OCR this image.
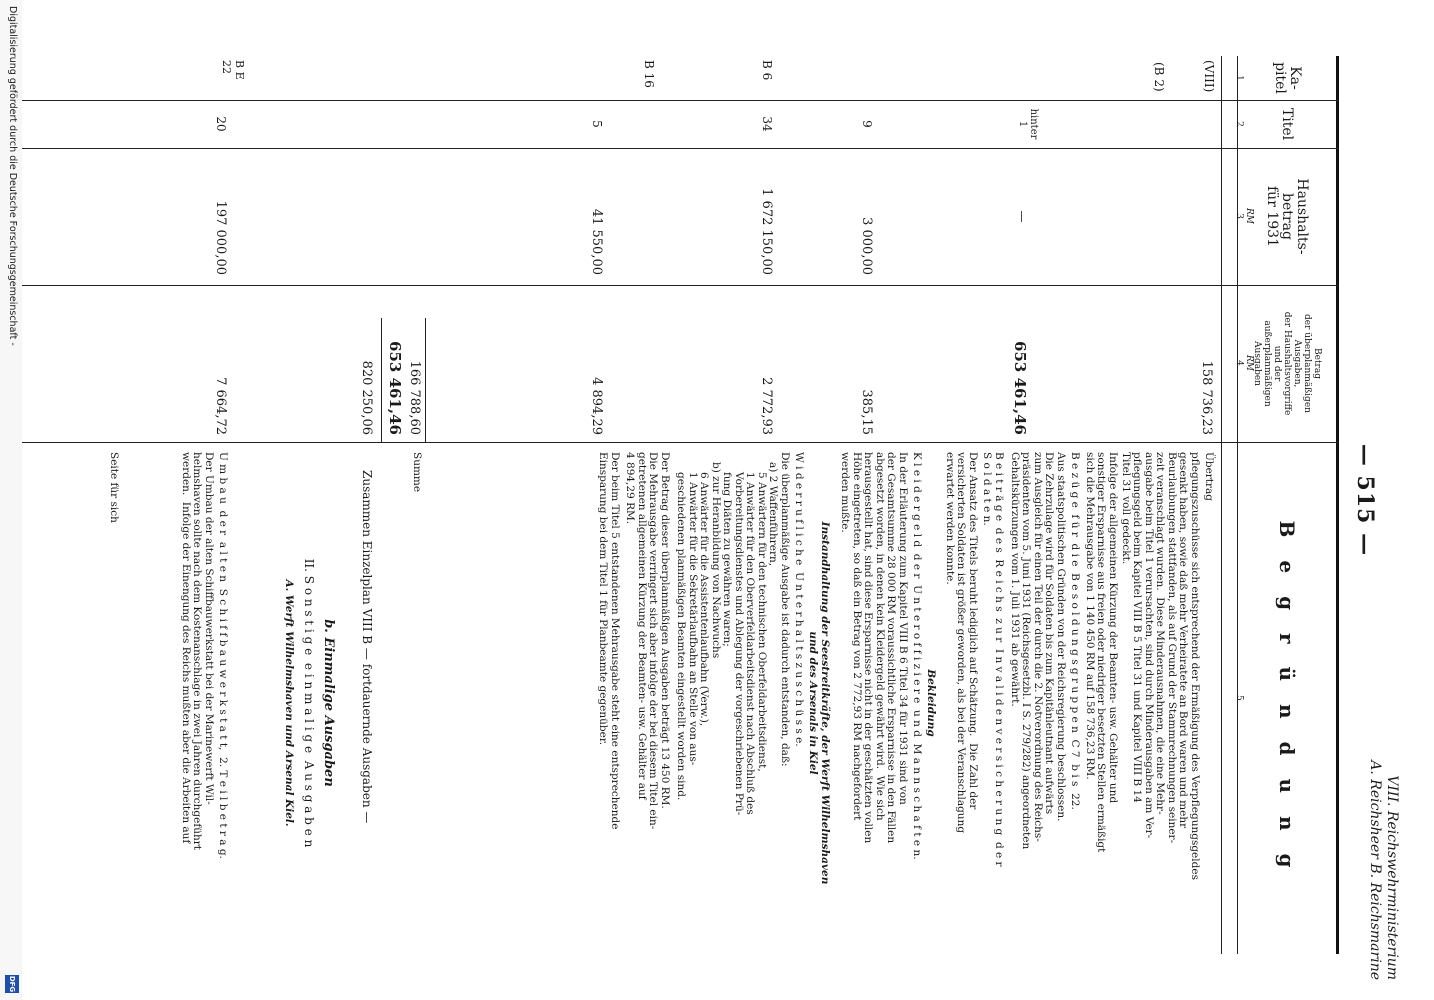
— 515 —
VIII. Reichswehrministerium
A. Reichsheer B. Reichsmarine
Ka-
pitel
Titel
Haushalts-
betrag
für 1931
Betrag
der überplanmäßigen
Ausgaben,
der Haushaltsvorgriffe
und der
außerplanmäßigen
Ausgaben
B e g r ü n d u n g
1
2
3
4
5
RM
RM
(VIII)
(B 2)
158 736,23
hinter
1
—
653 461,46
9
3 000,00
385,15
B 6
34
1 672 150,00
2 772,93
B 16
5
41 550,00
4 894,29
166 788,60
653 461,46
820 250,06
B E
22
20
197 000,00
7 664,72
Übertrag
pflegungszuschüsse sich entsprechend der Ermäßigung des Verpflegungsgeldes
gesenkt haben, sowie daß mehr Verheiratete an Bord waren und mehr
Beurlaubungen stattfanden, als auf Grund der Stammrechnungen seiner-
zeit veranschlagt wurden.  Diese Minderausnahmen, die eine Mehr-
ausgabe beim Titel 1 verursachten, sind durch Minderausgaben am Ver-
pflegungsgeld beim Kapitel VIII B 5 Titel 31 und Kapitel VIII B 14
Titel 31 voll gedeckt.
Infolge der allgemeinen Kürzung der Beamten- usw. Gehälter und
sonstiger Ersparnisse aus freien oder niedriger besetzten Stellen ermäßigt
sich die Mehrausgabe von 1 140 450 RM auf 158 736,23 RM.
B e z ü g e  f ü r  d i e  B e s o l d u n g s g r u p p e n  C 7  b i s  22.
Aus staatspolitischen Gründen von der Reichsregierung beschlossen.
Die Zehrzulage wird für Soldaten bis zum Kapitänleutnant aufwärts
zum Ausgleich für einen Teil der durch die 2. Notverordnung des Reichs-
präsidenten vom 5. Juni 1931 (Reichsgesetzbl. I S. 279/282) angeordneten
Gehaltskürzungen vom 1. Juli 1931 ab gewährt.
B e i t r ä g e  d e s  R e i c h s  z u r  I n v a l i d e n v e r s i c h e r u n g  d e r
S o l d a t e n.
Der Ansatz des Titels beruht lediglich auf Schätzung.  Die Zahl der
versicherten Soldaten ist größer geworden, als bei der Veranschlagung
erwartet werden konnte.
Bekleidung
K l e i d e r g e l d  d e r  U n t e r o f f i z i e r e  u n d  M a n n s c h a f t e n.
In der Erläuterung zum Kapitel VIII B 6 Titel 34 für 1931 sind von
der Gesamtsumme 28 000 RM voraussichtliche Ersparnisse in den Fällen
abgesetzt worden, in denen kein Kleidergeld gewährt wird.  Wie sich
herausgestellt hat, sind diese Ersparnisse nicht in der geschätzten vollen
Höhe eingetreten, so daß ein Betrag von 2 772,93 RM nachgefordert
werden mußte.
Instandhaltung der Seestreitkräfte, der Werft Wilhelmshaven
und des Arsenals in Kiel
W i d e r r u f l i c h e  U n t e r h a l t s z u s c h ü s s e.
Die überplanmäßige Ausgabe ist dadurch entstanden, daß:
a) 2 Waffenführern,
5 Anwärtern für den technischen Oberfeldarbeitsdienst,
1 Anwärter für den Oberverfeldarbeitsdienst nach Abschluß des
Vorbereitungsdienstes und Ablegung der vorgeschriebenen Prü-
fung Diäten zu gewähren waren;
b) zur Heranbildung von Nachwuchs
6 Anwärter für die Assistentenlaufbahn (Verw.),
1 Anwärter für die Sekretärlaufbahn an Stelle von aus-
geschiedenen planmäßigen Beamten eingestellt worden sind.
Der Betrag dieser überplanmäßigen Ausgaben beträgt 13 450 RM.
Die Mehrausgabe verringert sich aber infolge der bei diesem Titel ein-
getretenen allgemeinen Kürzung der Beamten- usw. Gehälter auf
4 894,29 RM.
Der beim Titel 5 entstandenen Mehrausgabe steht eine entsprechende
Einsparung bei dem Titel 1 für Planbeamte gegenüber.
Summe
Zusammen Einzelplan VIII B — fortdauernde Ausgaben —
b. Einmalige Ausgaben
II. S o n s t i g e  e i n m a l i g e  A u s g a b e n
A. Werft Wilhelmshaven und Arsenal Kiel.
U m b a u  d e r  a l t e n  S c h i f f b a u w e r k s t a t t,  2. T e i l b e t r a g.
Der Umbau der alten Schiffbauwerkstatt bei der Marinewerft Wil-
helmshaven sollte nach dem Kostenanschlage in zwei Jahren durchgeführt
werden.  Infolge der Einengung des Reichs mußten aber die Arbeiten auf
Seite für sich
Digitalisierung gefördert durch die Deutsche Forschungsgemeinschaft -
DFG
